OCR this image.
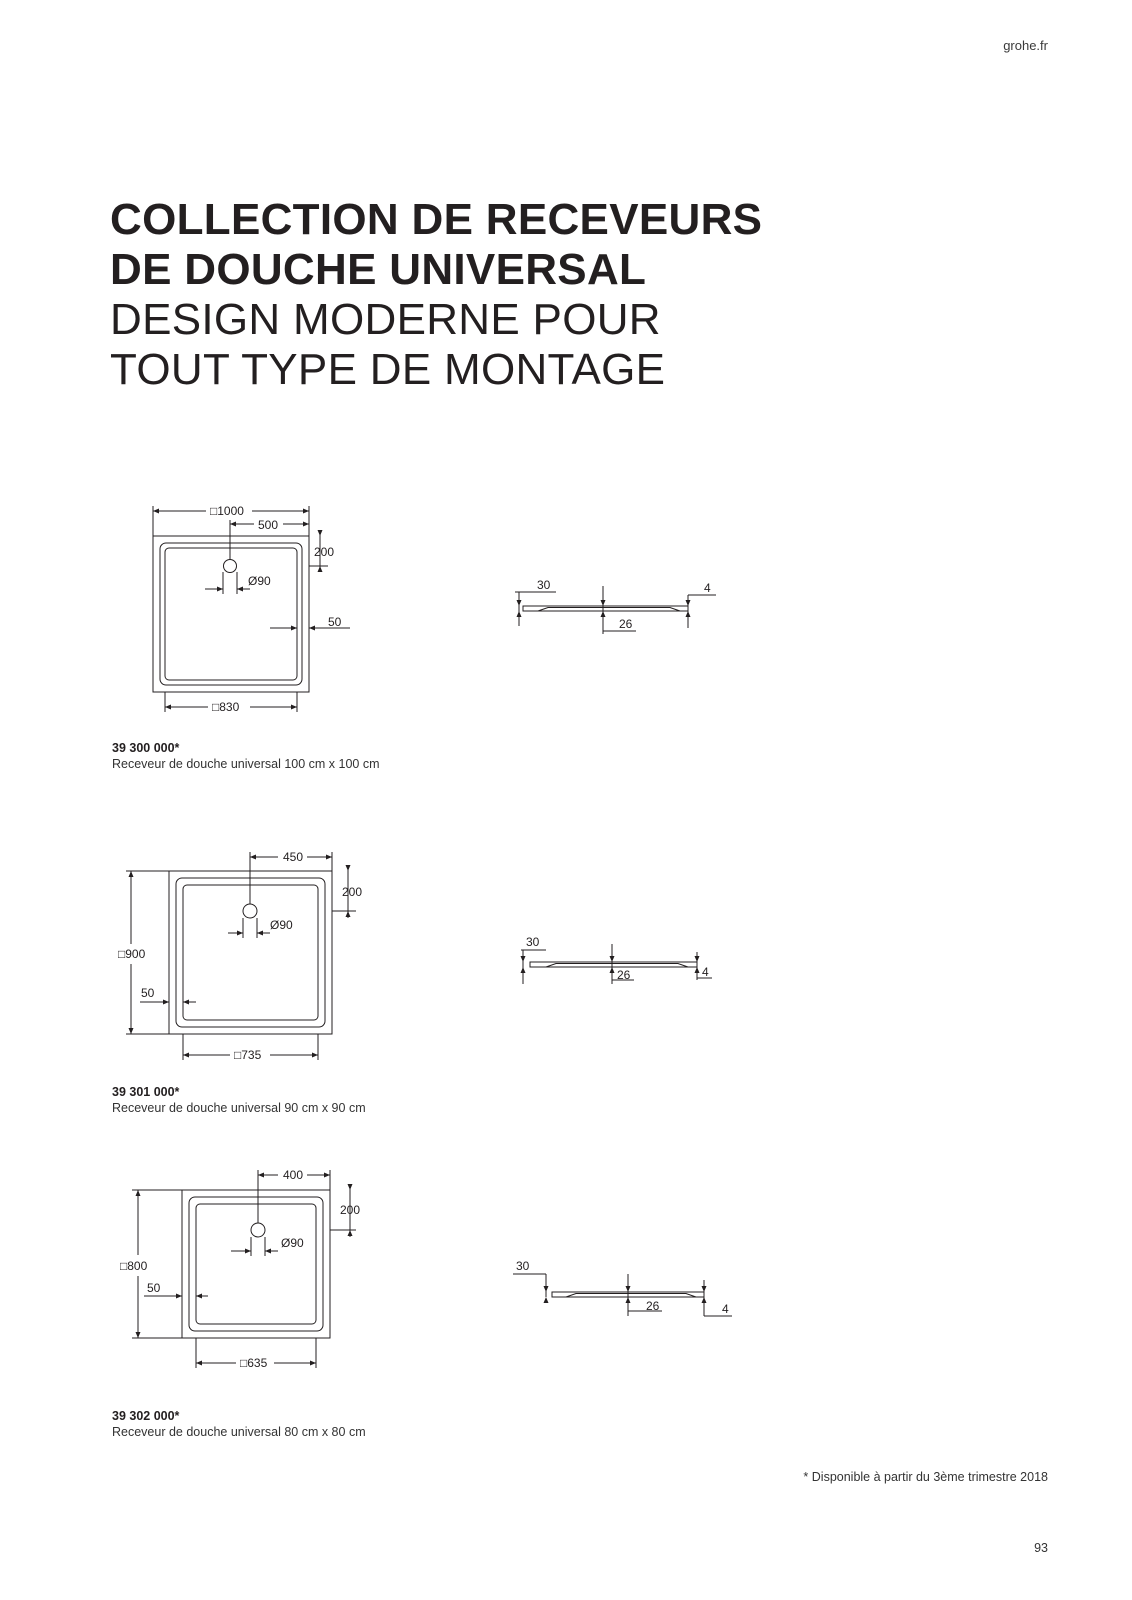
grohe.fr
COLLECTION DE RECEVEURS
DE DOUCHE UNIVERSAL
DESIGN MODERNE POUR
TOUT TYPE DE MONTAGE
□1000
500
200
Ø90
50
□830
30
26
4
39 300 000*
Receveur de douche universal 100 cm x 100 cm
450
200
Ø90
□900
50
□735
30
26	4
39 301 000*
Receveur de douche universal 90 cm x 90 cm
400
200
Ø90
□800
50
□635
30
26	4
39 302 000*
Receveur de douche universal 80 cm x 80 cm
* Disponible à partir du 3ème trimestre 2018
93
